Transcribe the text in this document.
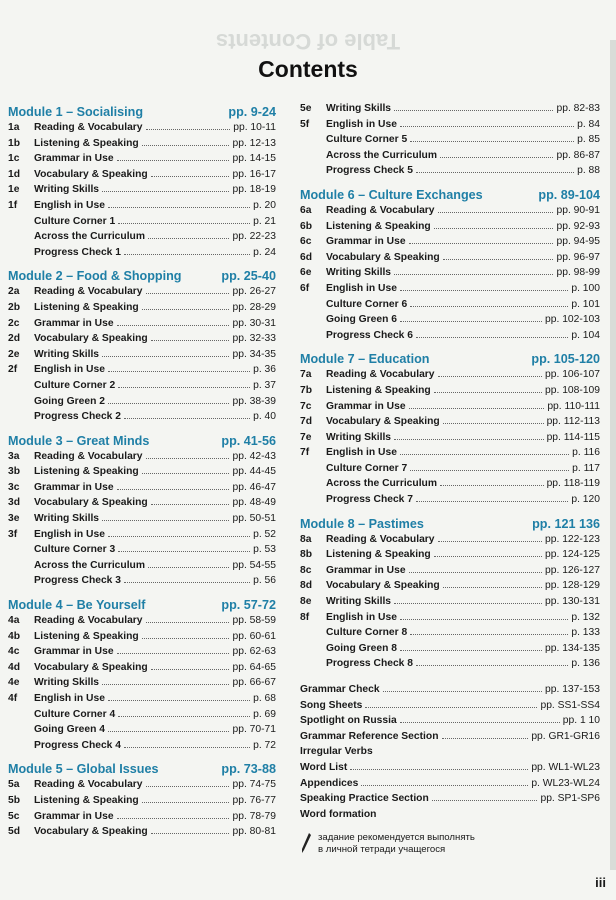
Table of Contents
Contents
Module 1 – Socialising	pp. 9-24
1a	Reading & Vocabulary	pp. 10-11
1b	Listening & Speaking	pp. 12-13
1c	Grammar in Use	pp. 14-15
1d	Vocabulary & Speaking	pp. 16-17
1e	Writing Skills	pp. 18-19
1f	English in Use	p. 20
Culture Corner 1	p. 21
Across the Curriculum	pp. 22-23
Progress Check 1	p. 24
Module 2 – Food & Shopping	pp. 25-40
2a	Reading & Vocabulary	pp. 26-27
2b	Listening & Speaking	pp. 28-29
2c	Grammar in Use	pp. 30-31
2d	Vocabulary & Speaking	pp. 32-33
2e	Writing Skills	pp. 34-35
2f	English in Use	p. 36
Culture Corner 2	p. 37
Going Green 2	pp. 38-39
Progress Check 2	p. 40
Module 3 – Great Minds	pp. 41-56
3a	Reading & Vocabulary	pp. 42-43
3b	Listening & Speaking	pp. 44-45
3c	Grammar in Use	pp. 46-47
3d	Vocabulary & Speaking	pp. 48-49
3e	Writing Skills	pp. 50-51
3f	English in Use	p. 52
Culture Corner 3	p. 53
Across the Curriculum	pp. 54-55
Progress Check 3	p. 56
Module 4 – Be Yourself	pp. 57-72
4a	Reading & Vocabulary	pp. 58-59
4b	Listening & Speaking	pp. 60-61
4c	Grammar in Use	pp. 62-63
4d	Vocabulary & Speaking	pp. 64-65
4e	Writing Skills	pp. 66-67
4f	English in Use	p. 68
Culture Corner 4	p. 69
Going Green 4	pp. 70-71
Progress Check 4	p. 72
Module 5 – Global Issues	pp. 73-88
5a	Reading & Vocabulary	pp. 74-75
5b	Listening & Speaking	pp. 76-77
5c	Grammar in Use	pp. 78-79
5d	Vocabulary & Speaking	pp. 80-81
5e	Writing Skills	pp. 82-83
5f	English in Use	p. 84
Culture Corner 5	p. 85
Across the Curriculum	pp. 86-87
Progress Check 5	p. 88
Module 6 – Culture Exchanges	pp. 89-104
6a	Reading & Vocabulary	pp. 90-91
6b	Listening & Speaking	pp. 92-93
6c	Grammar in Use	pp. 94-95
6d	Vocabulary & Speaking	pp. 96-97
6e	Writing Skills	pp. 98-99
6f	English in Use	p. 100
Culture Corner 6	p. 101
Going Green 6	pp. 102-103
Progress Check 6	p. 104
Module 7 – Education	pp. 105-120
7a	Reading & Vocabulary	pp. 106-107
7b	Listening & Speaking	pp. 108-109
7c	Grammar in Use	pp. 110-111
7d	Vocabulary & Speaking	pp. 112-113
7e	Writing Skills	pp. 114-115
7f	English in Use	p. 116
Culture Corner 7	p. 117
Across the Curriculum	pp. 118-119
Progress Check 7	p. 120
Module 8 – Pastimes	pp. 121 136
8a	Reading & Vocabulary	pp. 122-123
8b	Listening & Speaking	pp. 124-125
8c	Grammar in Use	pp. 126-127
8d	Vocabulary & Speaking	pp. 128-129
8e	Writing Skills	pp. 130-131
8f	English in Use	p. 132
Culture Corner 8	p. 133
Going Green 8	pp. 134-135
Progress Check 8	p. 136
Grammar Check	pp. 137-153
Song Sheets	pp. SS1-SS4
Spotlight on Russia	pp. 1 10
Grammar Reference Section	pp. GR1-GR16
Irregular Verbs
Word List	pp. WL1-WL23
Appendices	p. WL23-WL24
Speaking Practice Section	pp. SP1-SP6
Word formation
задание рекомендуется выполнять
в личной тетради учащегося
iii
